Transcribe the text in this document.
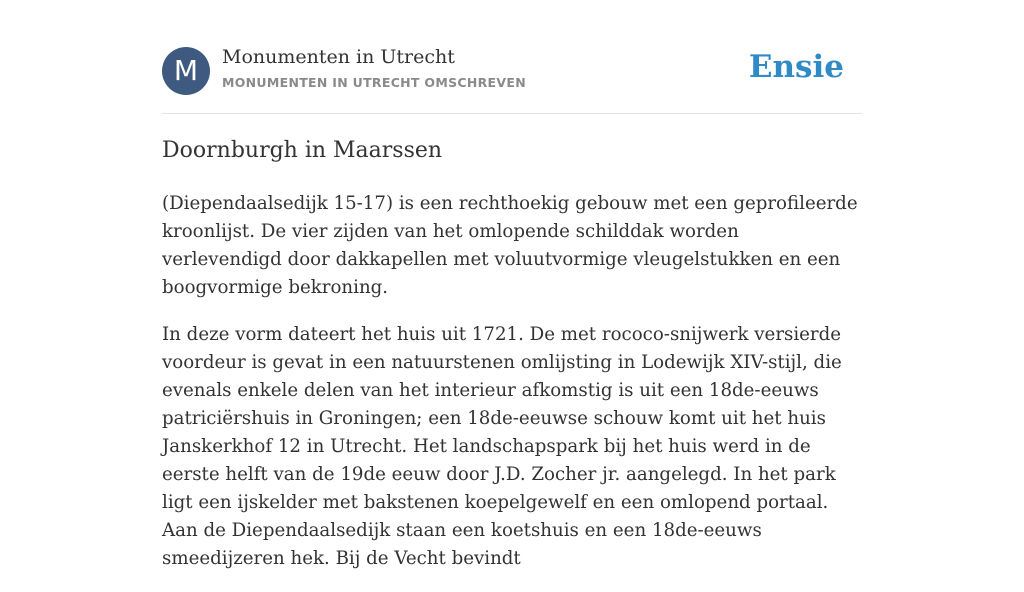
M	Monumenten in Utrecht
MONUMENTEN IN UTRECHT OMSCHREVEN	Ensie
Doornburgh in Maarssen

(Diependaalsedijk 15-17) is een rechthoekig gebouw met een geprofileerde kroonlijst. De vier zijden van het omlopende schilddak worden verlevendigd door dakkapellen met voluutvormige vleugelstukken en een boogvormige bekroning.

In deze vorm dateert het huis uit 1721. De met rococo-snijwerk versierde voordeur is gevat in een natuurstenen omlijsting in Lodewijk XIV-stijl, die evenals enkele delen van het interieur afkomstig is uit een 18de-eeuws patriciërshuis in Groningen; een 18de-eeuwse schouw komt uit het huis Janskerkhof 12 in Utrecht. Het landschapspark bij het huis werd in de eerste helft van de 19de eeuw door J.D. Zocher jr. aangelegd. In het park ligt een ijskelder met bakstenen koepelgewelf en een omlopend portaal. Aan de Diependaalsedijk staan een koetshuis en een 18de-eeuws smeedijzeren hek. Bij de Vecht bevindt
